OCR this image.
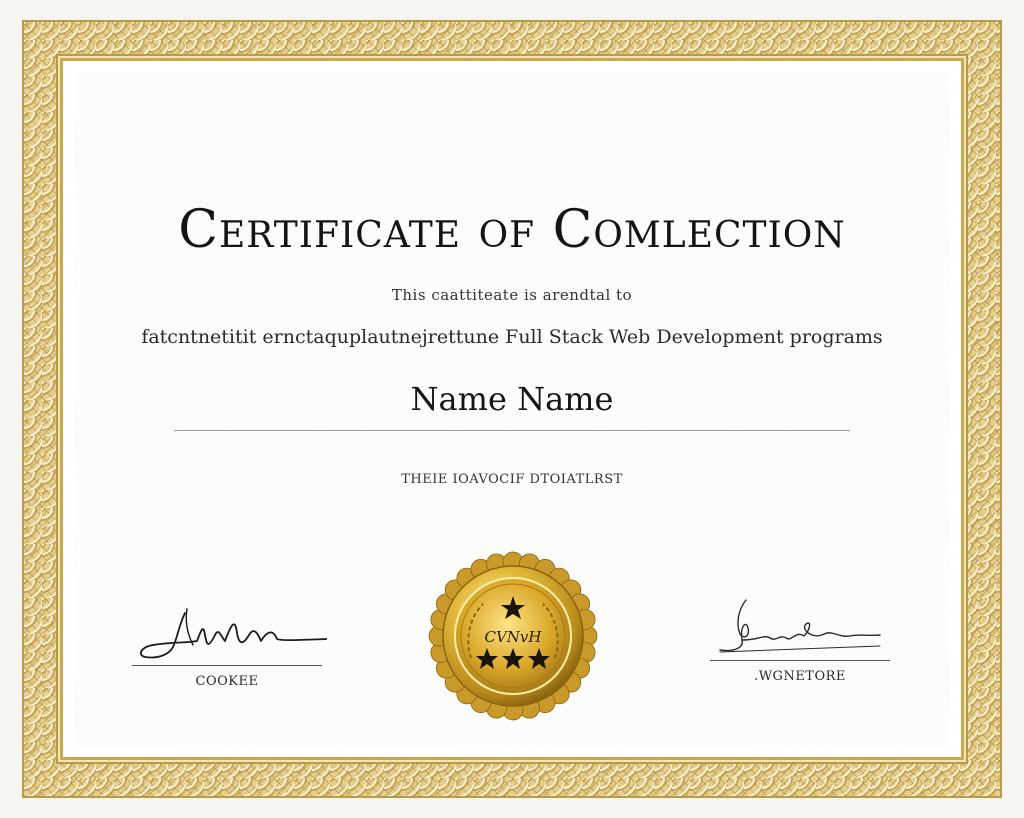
Certificate of Comlection
This caattiteate is arendtal to
fatcntnetitit ernctaquplautnejrettune Full Stack Web Development programs
Name Name
THEIE IOAVOCIF DTOIATLRST
COOKEE
CVNvH
.WGNETORE
